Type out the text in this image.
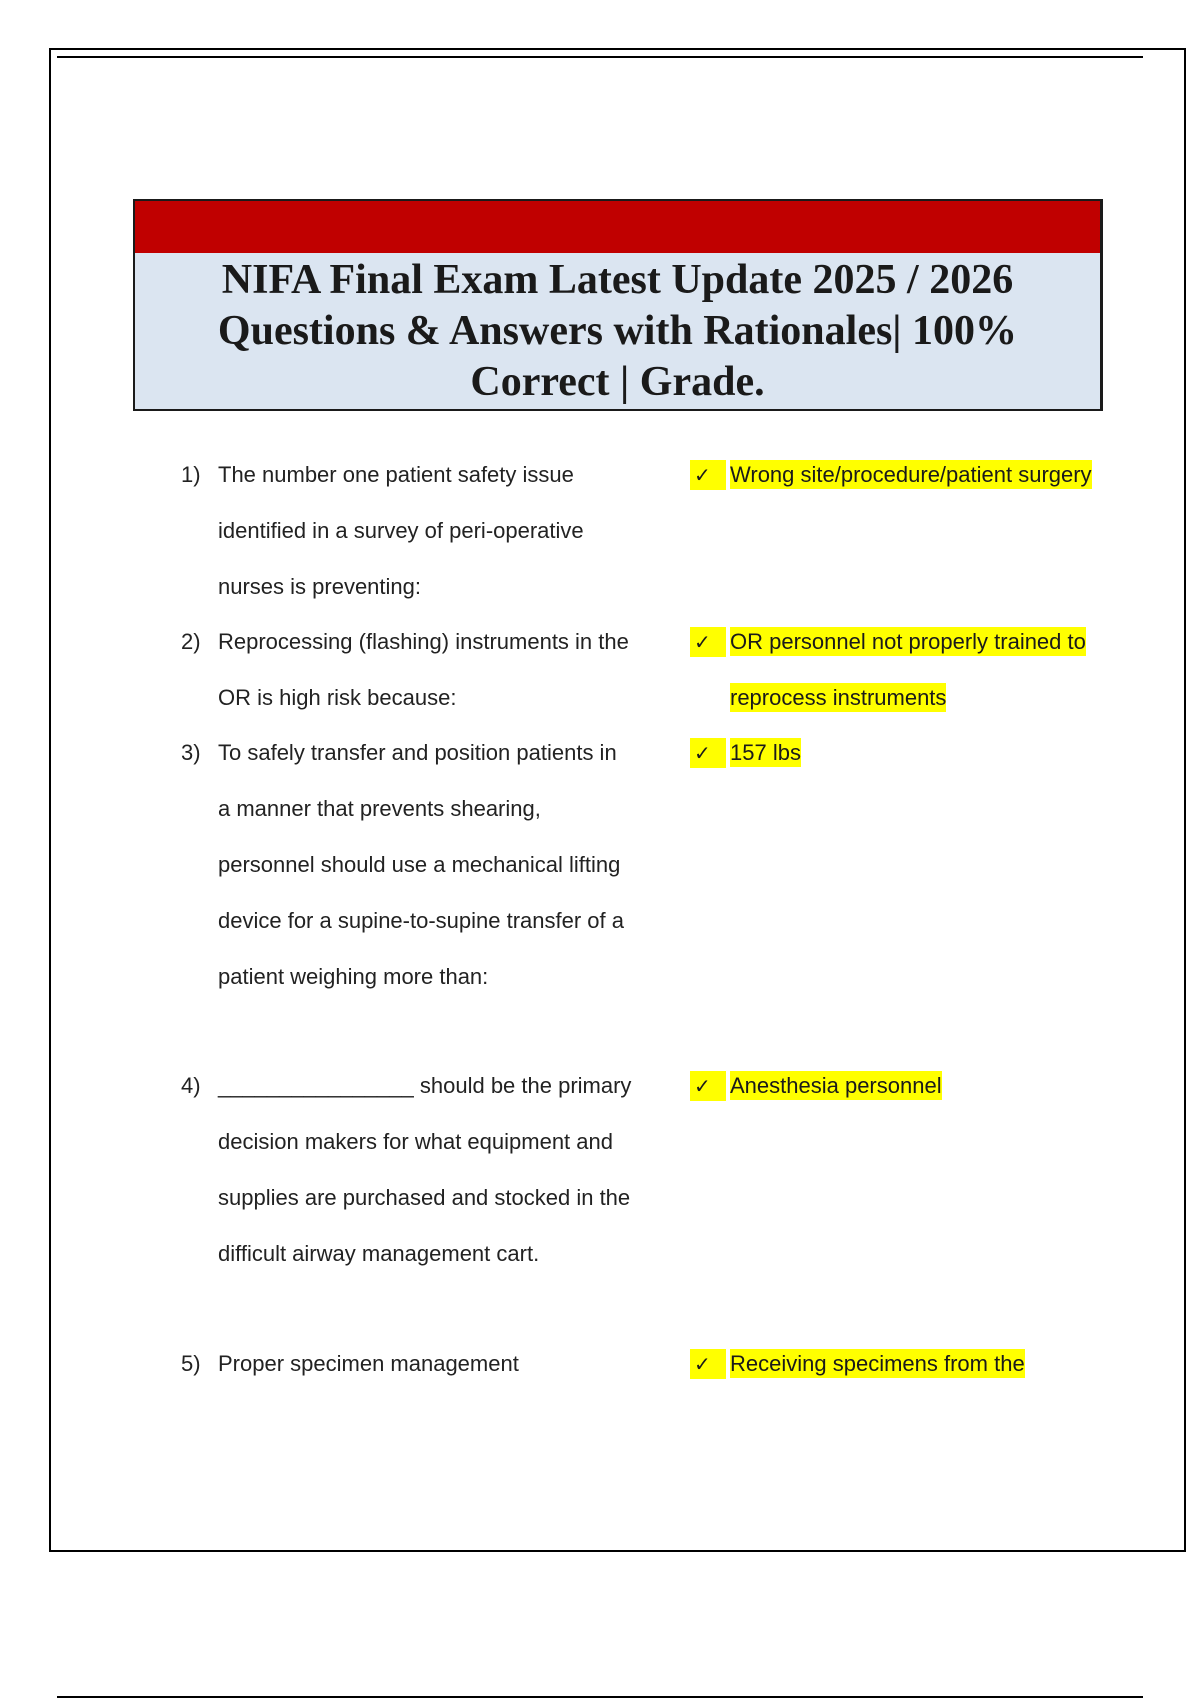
NIFA Final Exam Latest Update 2025 / 2026 Questions & Answers with Rationales| 100% Correct | Grade.
1) The number one patient safety issue identified in a survey of peri-operative nurses is preventing:
✓ Wrong site/procedure/patient surgery
2) Reprocessing (flashing) instruments in the OR is high risk because:
✓ OR personnel not properly trained to reprocess instruments
3) To safely transfer and position patients in a manner that prevents shearing, personnel should use a mechanical lifting device for a supine-to-supine transfer of a patient weighing more than:
✓ 157 lbs
4) ________________ should be the primary decision makers for what equipment and supplies are purchased and stocked in the difficult airway management cart.
✓ Anesthesia personnel
5) Proper specimen management	✓ Receiving specimens from the
